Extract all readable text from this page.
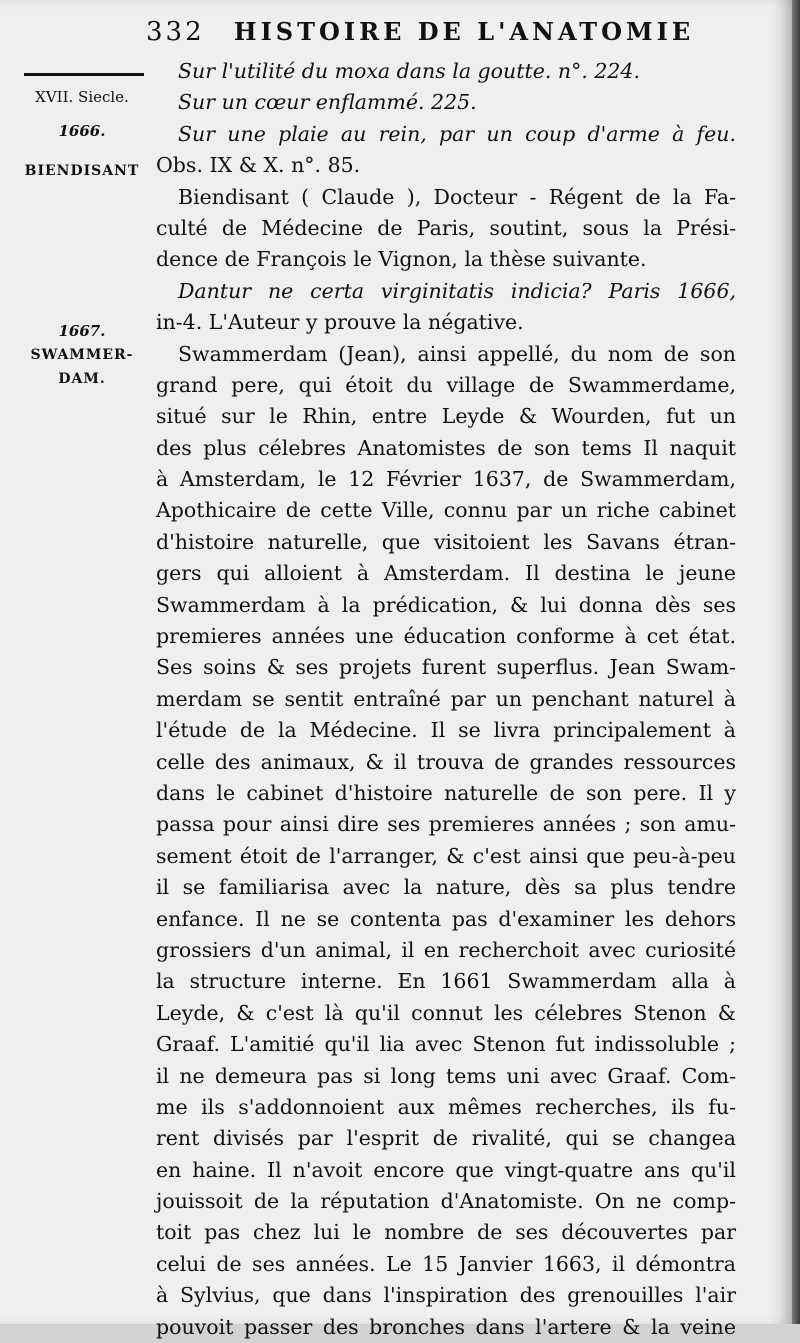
332 HISTOIRE DE L'ANATOMIE
XVII. Siecle.
1666.
BIENDISANT
1667.
SWAMMER-
DAM.
Sur l'utilité du moxa dans la goutte. n°. 224.
Sur un cœur enflammé. 225.
Sur une plaie au rein, par un coup d'arme à feu.
Obs. IX & X. n°. 85.
Biendisant ( Claude ), Docteur - Régent de la Fa-
culté de Médecine de Paris, soutint, sous la Prési-
dence de François le Vignon, la thèse suivante.
Dantur ne certa virginitatis indicia? Paris 1666,
in-4. L'Auteur y prouve la négative.
Swammerdam (Jean), ainsi appellé, du nom de son
grand pere, qui étoit du village de Swammerdame,
situé sur le Rhin, entre Leyde & Wourden, fut un
des plus célebres Anatomistes de son tems Il naquit
à Amsterdam, le 12 Février 1637, de Swammerdam,
Apothicaire de cette Ville, connu par un riche cabinet
d'histoire naturelle, que visitoient les Savans étran-
gers qui alloient à Amsterdam. Il destina le jeune
Swammerdam à la prédication, & lui donna dès ses
premieres années une éducation conforme à cet état.
Ses soins & ses projets furent superflus. Jean Swam-
merdam se sentit entraîné par un penchant naturel à
l'étude de la Médecine. Il se livra principalement à
celle des animaux, & il trouva de grandes ressources
dans le cabinet d'histoire naturelle de son pere. Il y
passa pour ainsi dire ses premieres années ; son amu-
sement étoit de l'arranger, & c'est ainsi que peu-à-peu
il se familiarisa avec la nature, dès sa plus tendre
enfance. Il ne se contenta pas d'examiner les dehors
grossiers d'un animal, il en recherchoit avec curiosité
la structure interne. En 1661 Swammerdam alla à
Leyde, & c'est là qu'il connut les célebres Stenon &
Graaf. L'amitié qu'il lia avec Stenon fut indissoluble ;
il ne demeura pas si long tems uni avec Graaf. Com-
me ils s'addonnoient aux mêmes recherches, ils fu-
rent divisés par l'esprit de rivalité, qui se changea
en haine. Il n'avoit encore que vingt-quatre ans qu'il
jouissoit de la réputation d'Anatomiste. On ne comp-
toit pas chez lui le nombre de ses découvertes par
celui de ses années. Le 15 Janvier 1663, il démontra
à Sylvius, que dans l'inspiration des grenouilles l'air
pouvoit passer des bronches dans l'artere & la veine
